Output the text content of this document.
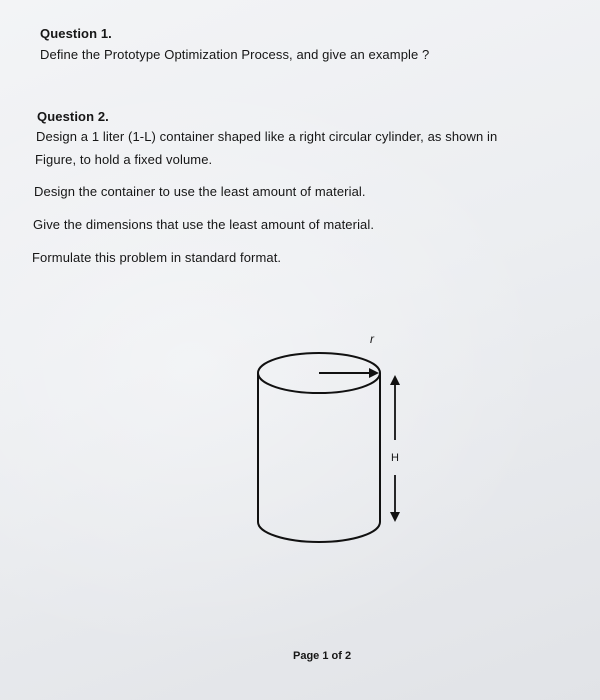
Question 1.
Define the Prototype Optimization Process, and give an example ?
Question 2.
Design a 1 liter (1-L) container shaped like a right circular cylinder, as shown in
Figure, to hold a fixed volume.
Design the container to use the least amount of material.
Give the dimensions that use the least amount of material.
Formulate this problem in standard format.
r
H
Page 1 of 2
